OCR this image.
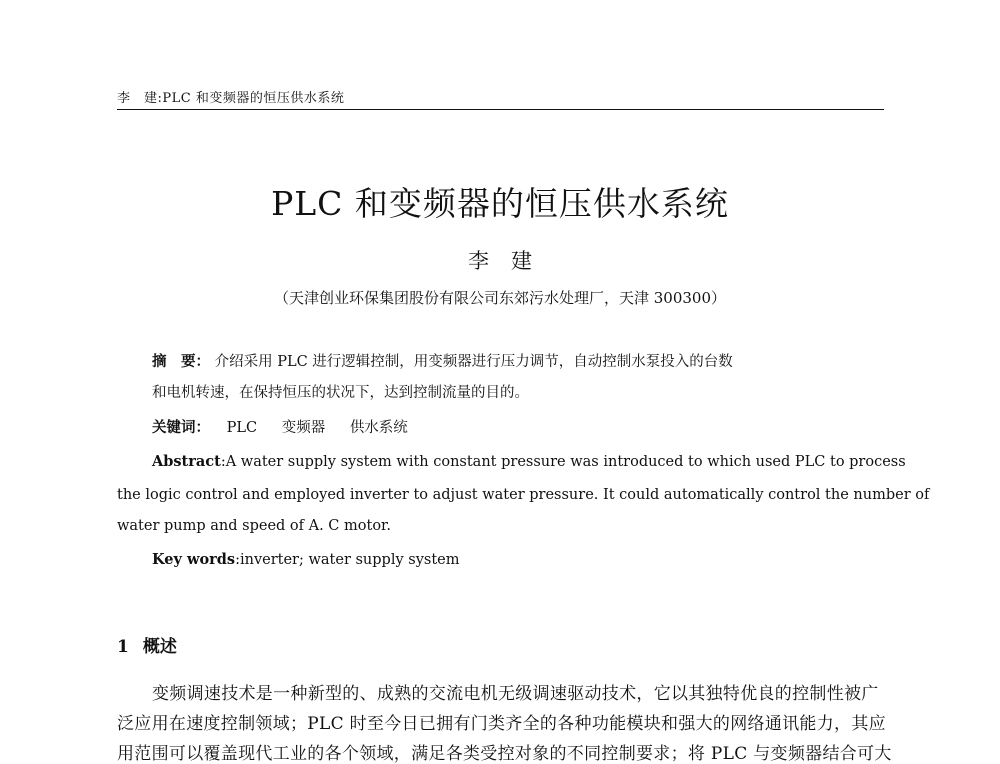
李　建:PLC 和变频器的恒压供水系统
PLC 和变频器的恒压供水系统
李建
（天津创业环保集团股份有限公司东郊污水处理厂，天津 300300）
摘　要： 介绍采用 PLC 进行逻辑控制，用变频器进行压力调节，自动控制水泵投入的台数
和电机转速，在保持恒压的状况下，达到控制流量的目的。
关键词： PLC 变频器 供水系统
Abstract:A water supply system with constant pressure was introduced to which used PLC to process
the logic control and employed inverter to adjust water pressure. It could automatically control the number of
water pump and speed of A. C motor.
Key words:inverter; water supply system
1 概述
变频调速技术是一种新型的、成熟的交流电机无级调速驱动技术，它以其独特优良的控制性被广
泛应用在速度控制领域；PLC 时至今日已拥有门类齐全的各种功能模块和强大的网络通讯能力，其应
用范围可以覆盖现代工业的各个领域，满足各类受控对象的不同控制要求；将 PLC 与变频器结合可大
